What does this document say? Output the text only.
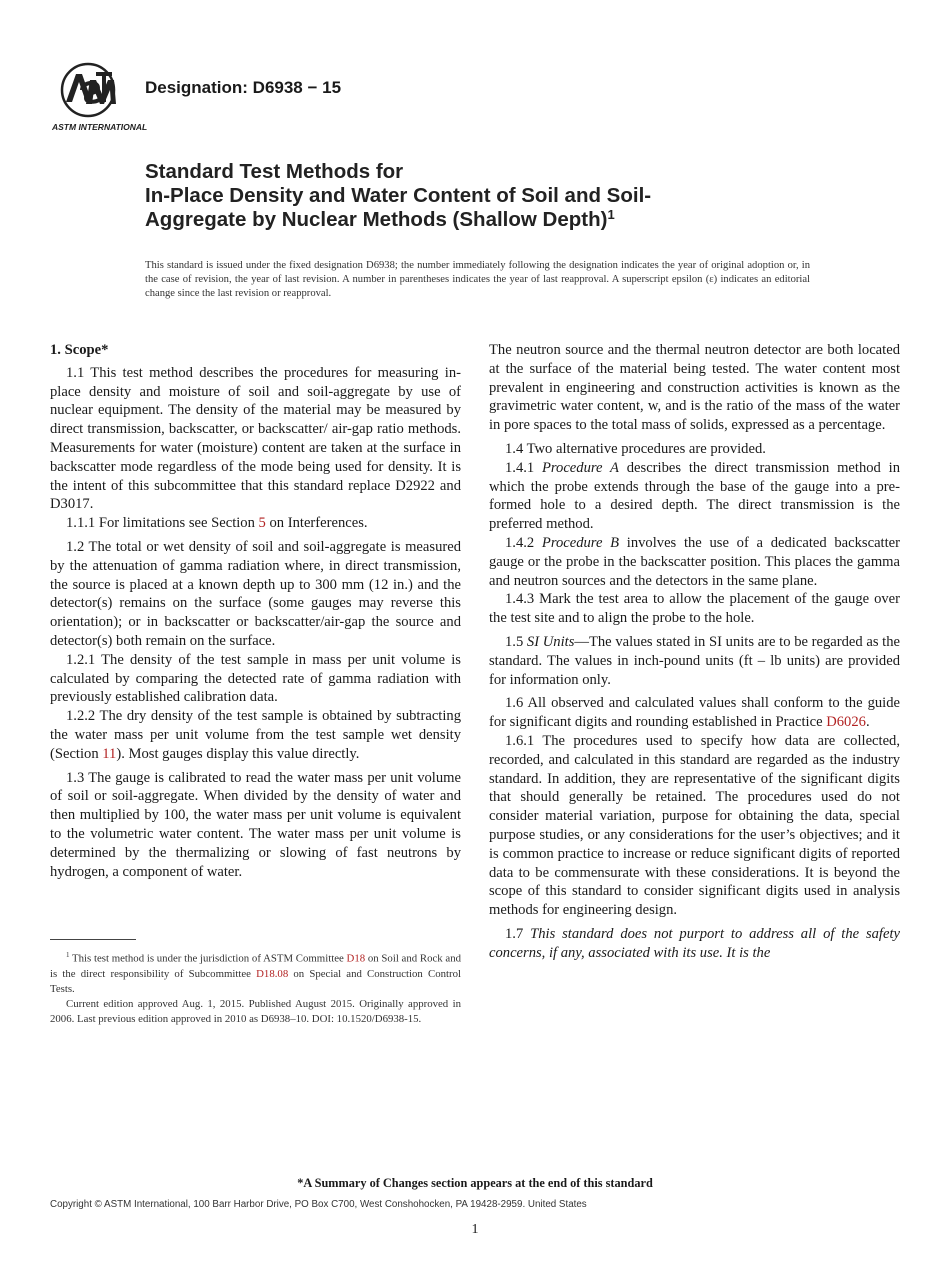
ASTM INTERNATIONAL
Designation: D6938 − 15
Standard Test Methods for
In-Place Density and Water Content of Soil and Soil-
Aggregate by Nuclear Methods (Shallow Depth)$^1$
This standard is issued under the fixed designation D6938; the number immediately following the designation indicates the year of original adoption or, in the case of revision, the year of last revision. A number in parentheses indicates the year of last reapproval. A superscript epsilon (ε) indicates an editorial change since the last revision or reapproval.
1. Scope*

1.1 This test method describes the procedures for measuring in-place density and moisture of soil and soil-aggregate by use of nuclear equipment. The density of the material may be measured by direct transmission, backscatter, or backscatter/ air-gap ratio methods. Measurements for water (moisture) content are taken at the surface in backscatter mode regardless of the mode being used for density. It is the intent of this subcommittee that this standard replace D2922 and D3017.

1.1.1 For limitations see Section 5 on Interferences.

1.2 The total or wet density of soil and soil-aggregate is measured by the attenuation of gamma radiation where, in direct transmission, the source is placed at a known depth up to 300 mm (12 in.) and the detector(s) remains on the surface (some gauges may reverse this orientation); or in backscatter or backscatter/air-gap the source and detector(s) both remain on the surface.

1.2.1 The density of the test sample in mass per unit volume is calculated by comparing the detected rate of gamma radiation with previously established calibration data.

1.2.2 The dry density of the test sample is obtained by subtracting the water mass per unit volume from the test sample wet density (Section 11). Most gauges display this value directly.

1.3 The gauge is calibrated to read the water mass per unit volume of soil or soil-aggregate. When divided by the density of water and then multiplied by 100, the water mass per unit volume is equivalent to the volumetric water content. The water mass per unit volume is determined by the thermalizing or slowing of fast neutrons by hydrogen, a component of water.

$^1$ This test method is under the jurisdiction of ASTM Committee D18 on Soil and Rock and is the direct responsibility of Subcommittee D18.08 on Special and Construction Control Tests.

Current edition approved Aug. 1, 2015. Published August 2015. Originally approved in 2006. Last previous edition approved in 2010 as D6938–10. DOI: 10.1520/D6938-15.

The neutron source and the thermal neutron detector are both located at the surface of the material being tested. The water content most prevalent in engineering and construction activities is known as the gravimetric water content, w, and is the ratio of the mass of the water in pore spaces to the total mass of solids, expressed as a percentage.

1.4 Two alternative procedures are provided.

1.4.1 Procedure A describes the direct transmission method in which the probe extends through the base of the gauge into a pre-formed hole to a desired depth. The direct transmission is the preferred method.

1.4.2 Procedure B involves the use of a dedicated backscatter gauge or the probe in the backscatter position. This places the gamma and neutron sources and the detectors in the same plane.

1.4.3 Mark the test area to allow the placement of the gauge over the test site and to align the probe to the hole.

1.5 SI Units—The values stated in SI units are to be regarded as the standard. The values in inch-pound units (ft – lb units) are provided for information only.

1.6 All observed and calculated values shall conform to the guide for significant digits and rounding established in Practice D6026.

1.6.1 The procedures used to specify how data are collected, recorded, and calculated in this standard are regarded as the industry standard. In addition, they are representative of the significant digits that should generally be retained. The procedures used do not consider material variation, purpose for obtaining the data, special purpose studies, or any considerations for the user’s objectives; and it is common practice to increase or reduce significant digits of reported data to be commensurate with these considerations. It is beyond the scope of this standard to consider significant digits used in analysis methods for engineering design.

1.7 This standard does not purport to address all of the safety concerns, if any, associated with its use. It is the

*A Summary of Changes section appears at the end of this standard
Copyright © ASTM International, 100 Barr Harbor Drive, PO Box C700, West Conshohocken, PA 19428-2959. United States
1
